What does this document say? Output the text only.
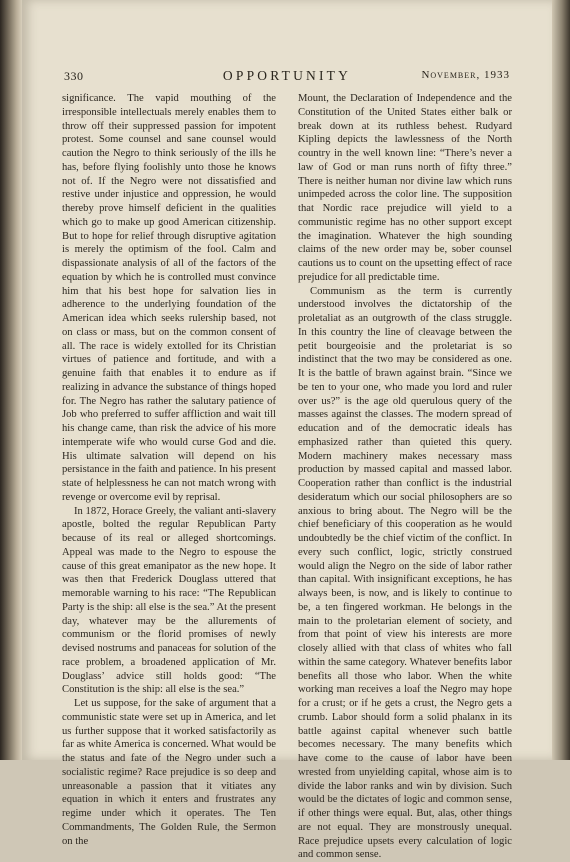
330	OPPORTUNITY	November, 1933

significance. The vapid mouthing of the irresponsible intellectuals merely enables them to throw off their suppressed passion for impotent protest. Some counsel and sane counsel would caution the Negro to think seriously of the ills he has, before flying foolishly unto those he knows not of. If the Negro were not dissatisfied and restive under injustice and oppression, he would thereby prove himself deficient in the qualities which go to make up good American citizenship. But to hope for relief through disruptive agitation is merely the optimism of the fool. Calm and dispassionate analysis of all of the factors of the equation by which he is controlled must convince him that his best hope for salvation lies in adherence to the underlying foundation of the American idea which seeks rulership based, not on class or mass, but on the common consent of all. The race is widely extolled for its Christian virtues of patience and fortitude, and with a genuine faith that enables it to endure as if realizing in advance the substance of things hoped for. The Negro has rather the salutary patience of Job who preferred to suffer affliction and wait till his change came, than risk the advice of his more intemperate wife who would curse God and die. His ultimate salvation will depend on his persistance in the faith and patience. In his present state of helplessness he can not match wrong with revenge or overcome evil by reprisal.

In 1872, Horace Greely, the valiant anti-slavery apostle, bolted the regular Republican Party because of its real or alleged shortcomings. Appeal was made to the Negro to espouse the cause of this great emanipator as the new hope. It was then that Frederick Douglass uttered that memorable warning to his race: “The Republican Party is the ship: all else is the sea.” At the present day, whatever may be the allurements of communism or the florid promises of newly devised nostrums and panaceas for solution of the race problem, a broadened application of Mr. Douglass’ advice still holds good: “The Constitution is the ship: all else is the sea.”

Let us suppose, for the sake of argument that a communistic state were set up in America, and let us further suppose that it worked satisfactorily as far as white America is concerned. What would be the status and fate of the Negro under such a socialistic regime? Race prejudice is so deep and unreasonable a passion that it vitiates any equation in which it enters and frustrates any regime under which it operates. The Ten Commandments, The Golden Rule, the Sermon on the

Mount, the Declaration of Independence and the Constitution of the United States either balk or break down at its ruthless behest. Rudyard Kipling depicts the lawlessness of the North country in the well known line: “There’s never a law of God or man runs north of fifty three.” There is neither human nor divine law which runs unimpeded across the color line. The supposition that Nordic race prejudice will yield to a communistic regime has no other support except the imagination. Whatever the high sounding claims of the new order may be, sober counsel cautions us to count on the upsetting effect of race prejudice for all predictable time.

Communism as the term is currently understood involves the dictatorship of the proletaliat as an outgrowth of the class struggle. In this country the line of cleavage between the petit bourgeoisie and the proletariat is so indistinct that the two may be considered as one. It is the battle of brawn against brain. “Since we be ten to your one, who made you lord and ruler over us?” is the age old querulous query of the masses against the classes. The modern spread of education and of the democratic ideals has emphasized rather than quieted this query. Modern machinery makes necessary mass production by massed capital and massed labor. Cooperation rather than conflict is the industrial desideratum which our social philosophers are so anxious to bring about. The Negro will be the chief beneficiary of this cooperation as he would undoubtedly be the chief victim of the conflict. In every such conflict, logic, strictly construed would align the Negro on the side of labor rather than capital. With insignificant exceptions, he has always been, is now, and is likely to continue to be, a ten fingered workman. He belongs in the main to the proletarian element of society, and from that point of view his interests are more closely allied with that class of whites who fall within the same category. Whatever benefits labor benefits all those who labor. When the white working man receives a loaf the Negro may hope for a crust; or if he gets a crust, the Negro gets a crumb. Labor should form a solid phalanx in its battle against capital whenever such battle becomes necessary. The many benefits which have come to the cause of labor have been wrested from unyielding capital, whose aim is to divide the labor ranks and win by division. Such would be the dictates of logic and common sense, if other things were equal. But, alas, other things are not equal. They are monstrously unequal. Race prejudice upsets every calculation of logic and common sense.
